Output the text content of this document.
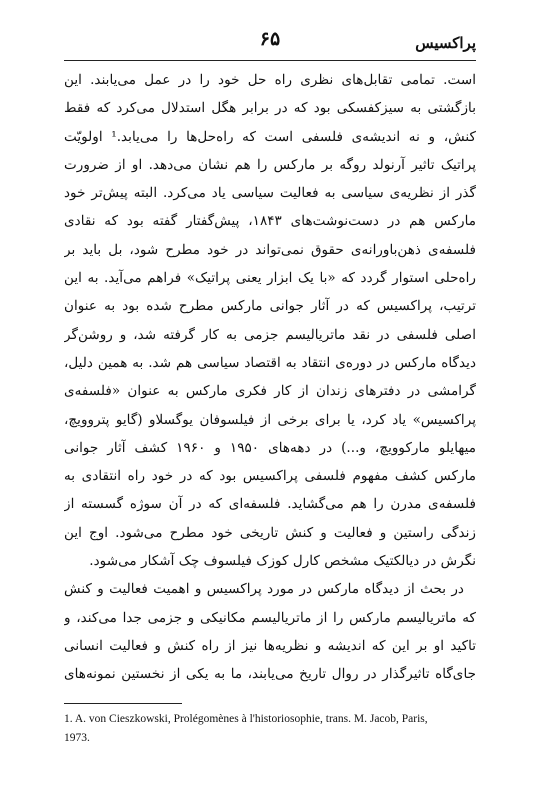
۶۵	پراکسیس
است. تمامی تقابل‌های نظری راه حل خود را در عمل می‌یابند. این
بازگشتی به سیزکفسکی بود که در برابر هگل استدلال می‌کرد که فقط
کنش، و نه اندیشه‌ی فلسفی است که راه‌حل‌ها را می‌یابد.¹ اولویّت
پراتیک تاثیر آرنولد روگه بر مارکس را هم نشان می‌دهد. او از ضرورت
گذر از نظریه‌ی سیاسی به فعالیت سیاسی یاد می‌کرد. البته پیش‌تر خود
مارکس هم در دست‌نوشت‌های ۱۸۴۳، پیش‌گفتار گفته بود که نقادی
فلسفه‌ی ذهن‌باورانه‌ی حقوق نمی‌تواند در خود مطرح شود، بل باید بر
راه‌حلی استوار گردد که «با یک ابزار یعنی پراتیک» فراهم می‌آید. به این
ترتیب، پراکسیس که در آثار جوانی مارکس مطرح شده بود به عنوان
اصلی فلسفی در نقد ماتریالیسم جزمی به کار گرفته شد، و روشن‌گر
دیدگاه مارکس در دوره‌ی انتقاد به اقتصاد سیاسی هم شد. به همین دلیل،
گرامشی در دفترهای زندان از کار فکری مارکس به عنوان «فلسفه‌ی
پراکسیس» یاد کرد، یا برای برخی از فیلسوفان یوگسلاو (گایو پتروویچ،
میهایلو مارکوویچ، و...) در دهه‌های ۱۹۵۰ و ۱۹۶۰ کشف آثار جوانی
مارکس کشف مفهوم فلسفی پراکسیس بود که در خود راه انتقادی به
فلسفه‌ی مدرن را هم می‌گشاید. فلسفه‌ای که در آن سوژه گسسته از
زندگی راستین و فعالیت و کنش تاریخی خود مطرح می‌شود. اوج این
نگرش در دیالکتیک مشخص کارل کوزک فیلسوف چک آشکار می‌شود.
در بحث از دیدگاه مارکس در مورد پراکسیس و اهمیت فعالیت و کنش
که ماتریالیسم مارکس را از ماتریالیسم مکانیکی و جزمی جدا می‌کند، و
تاکید او بر این که اندیشه و نظریه‌ها نیز از راه کنش و فعالیت انسانی
جای‌گاه تاثیرگذار در روال تاریخ می‌یابند، ما به یکی از نخستین نمونه‌های
1. A. von Cieszkowski, Prolégomènes à l'historiosophie, trans. M. Jacob, Paris,
1973.
